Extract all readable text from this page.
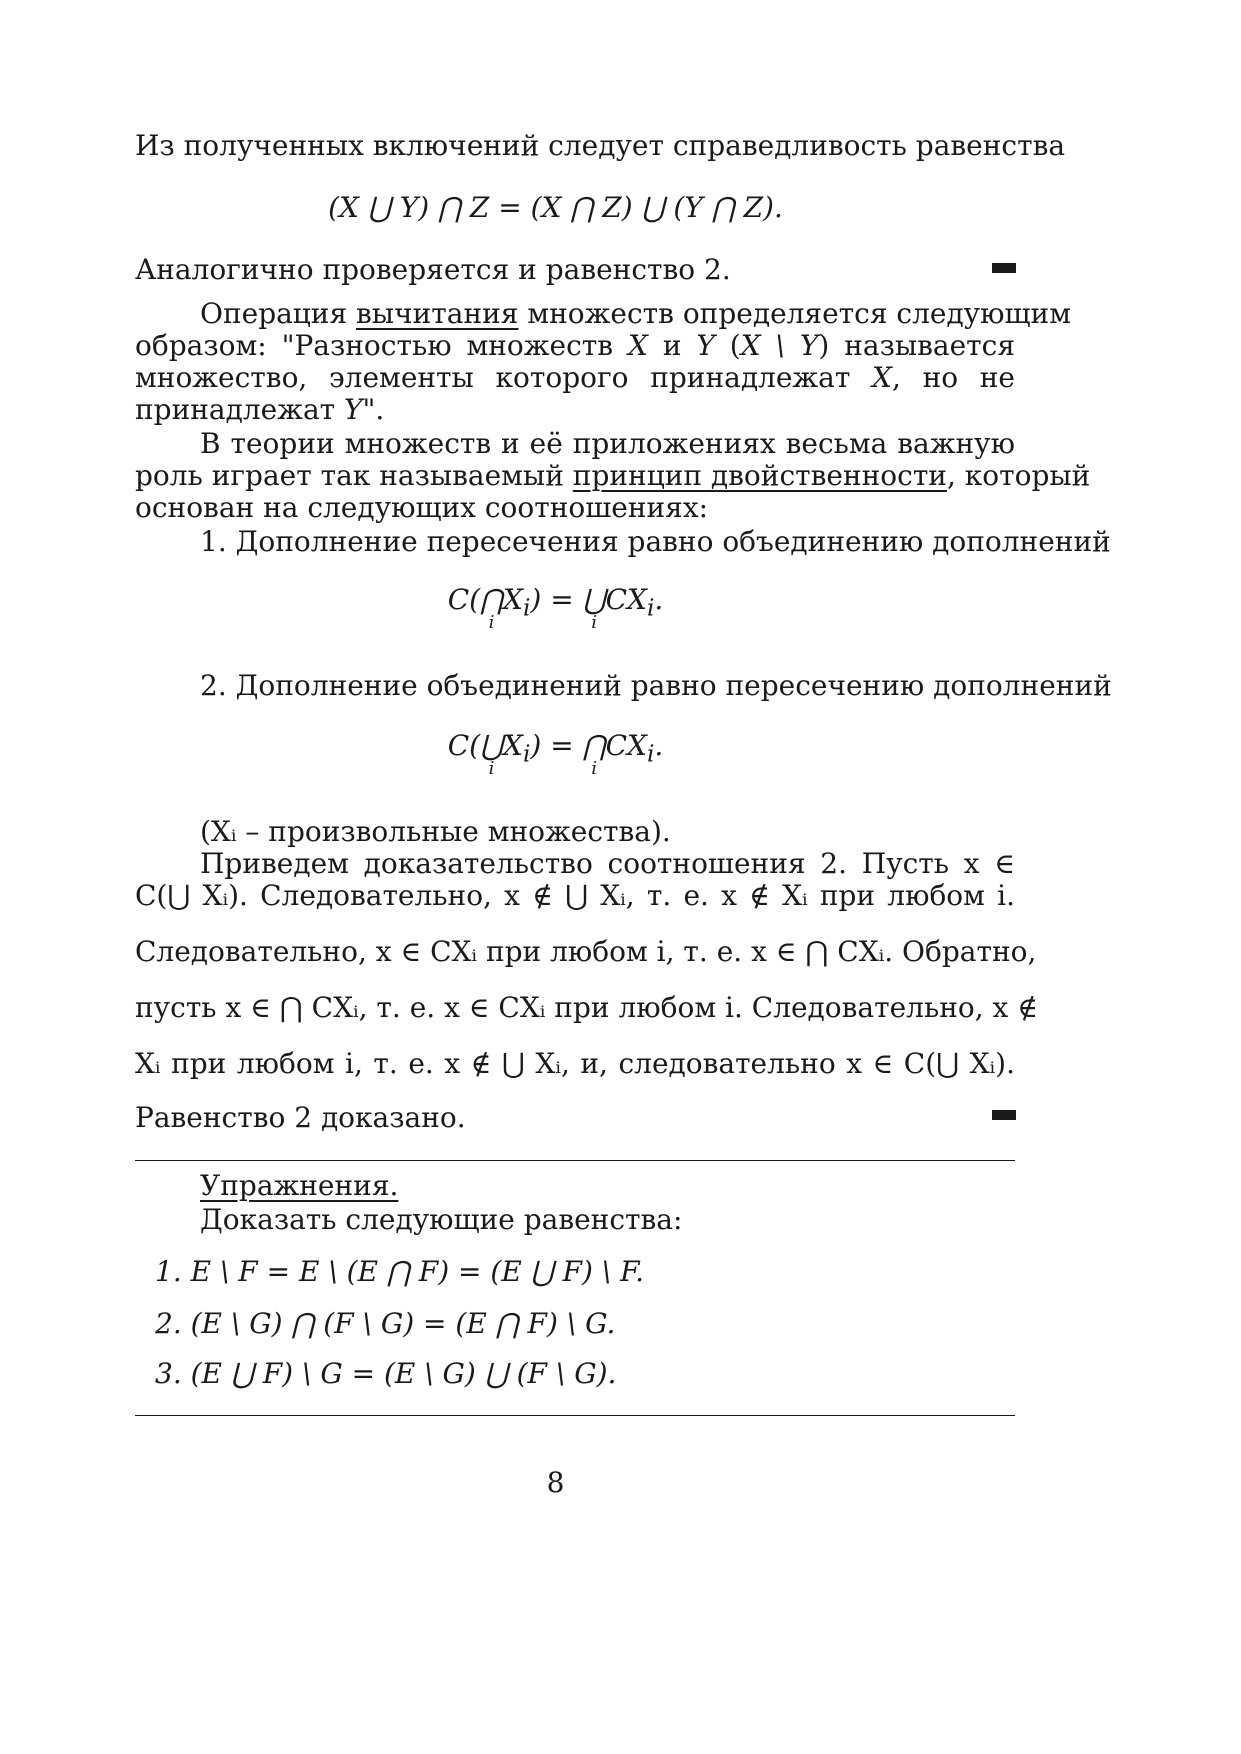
Из полученных включений следует справедливость равенства
(X ⋃ Y) ⋂ Z = (X ⋂ Z) ⋃ (Y ⋂ Z).
Аналогично проверяется и равенство 2.
Операция вычитания множеств определяется следующим
образом: "Разностью множеств X и Y (X \ Y) называется
множество, элементы которого принадлежат X, но не
принадлежат Y".
В теории множеств и её приложениях весьма важную
роль играет так называемый принцип двойственности, который
основан на следующих соотношениях:
1. Дополнение пересечения равно объединению дополнений
C(⋂
i
$X_i$) = ⋃
i
$CX_i$.
2. Дополнение объединений равно пересечению дополнений
C(⋃
i
$X_i$) = ⋂
i
$CX_i$.
(Xᵢ – произвольные множества).
Приведем доказательство соотношения 2. Пусть x ∈
C(⋃ Xᵢ). Следовательно, x ∉ ⋃ Xᵢ, т. е. x ∉ Xᵢ при любом i.
Следовательно, x ∈ CXᵢ при любом i, т. е. x ∈ ⋂ CXᵢ. Обратно,
пусть x ∈ ⋂ CXᵢ, т. е. x ∈ CXᵢ при любом i. Следовательно, x ∉
Xᵢ при любом i, т. е. x ∉ ⋃ Xᵢ, и, следовательно x ∈ C(⋃ Xᵢ).
Равенство 2 доказано.
Упражнения.
Доказать следующие равенства:
1. E \ F = E \ (E ⋂ F) = (E ⋃ F) \ F.
2. (E \ G) ⋂ (F \ G) = (E ⋂ F) \ G.
3. (E ⋃ F) \ G = (E \ G) ⋃ (F \ G).
8
